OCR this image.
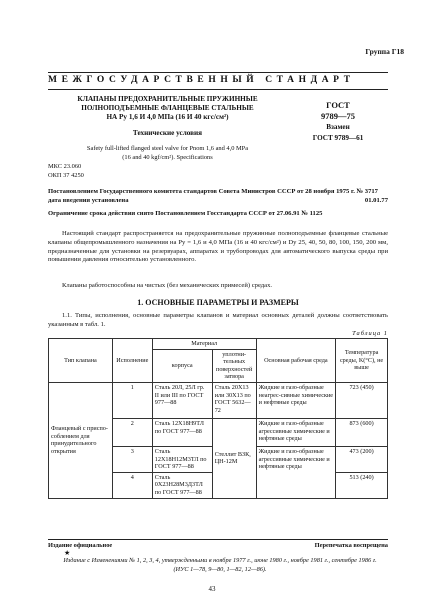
Группа Г18
МЕЖГОСУДАРСТВЕННЫЙ СТАНДАРТ
КЛАПАНЫ ПРЕДОХРАНИТЕЛЬНЫЕ ПРУЖИННЫЕ
ПОЛНОПОДЪЕМНЫЕ ФЛАНЦЕВЫЕ СТАЛЬНЫЕ
НА Pу 1,6 И 4,0 МПа (16 И 40 кгс/см²)
Технические условия
Safety full-lifted flanged steel valve for Pnom 1,6 and 4,0 MPa
(16 and 40 kgf/cm²). Specifications
ГОСТ
9789—75
Взамен
ГОСТ 9789—61
МКС 23.060
ОКП 37 4250
Постановлением Государственного комитета стандартов Совета Министров СССР от 28 ноября 1975 г. № 3717
дата введения установлена	01.01.77
Ограничение срока действия снято Постановлением Госстандарта СССР от 27.06.91 № 1125
Настоящий стандарт распространяется на предохранительные пружинные полноподъемные фланцевые стальные клапаны общепромышленного назначения на Pу = 1,6 и 4,0 МПа (16 и 40 кгс/см²) и Dу 25, 40, 50, 80, 100, 150, 200 мм, предназначенные для установки на резервуарах, аппаратах и трубопроводах для автоматического выпуска среды при повышении давления относительно установленного.
Клапаны работоспособны на чистых (без механических примесей) средах.
1. ОСНОВНЫЕ ПАРАМЕТРЫ И РАЗМЕРЫ
1.1. Типы, исполнения, основные параметры клапанов и материал основных деталей должны соответствовать указанным в табл. 1.
Таблица 1
Тип клапана	Исполнение	Материал		Основная рабочая среда	Температура среды, K(°C), не выше
		корпуса	уплотни-тельных поверхностей затвора		
Фланцевый с приспо-соблением для принудительного открытия	1	Сталь 20Л, 25Л гр. II или III по ГОСТ 977—88	Сталь 20Х13 или 30Х13 по ГОСТ 5632—72	Жидкие и газо-образные неагрес-сивные химические и нефтяные среды	723 (450)
	2	Сталь 12Х18Н9ТЛ по ГОСТ 977—88	Стеллит ВЗК, ЦН-12М	Жидкие и газо-образные агрессивные химические и нефтяные среды	873 (600)
	3	Сталь 12Х18Н12М3ТЛ по ГОСТ 977—88		Жидкие и газо-образные агрессивные химические и нефтяные среды	473 (200)
	4	Сталь 0Х23Н28М3Д3ТЛ по ГОСТ 977—88			513 (240)
Издание официальное	Перепечатка воспрещена
★
Издание с Изменениями № 1, 2, 3, 4, утвержденными в ноябре 1977 г., июне 1980 г., ноябре 1981 г., сентябре 1986 г. (ИУС 1—78, 9—80, 1—82, 12—86).
43
